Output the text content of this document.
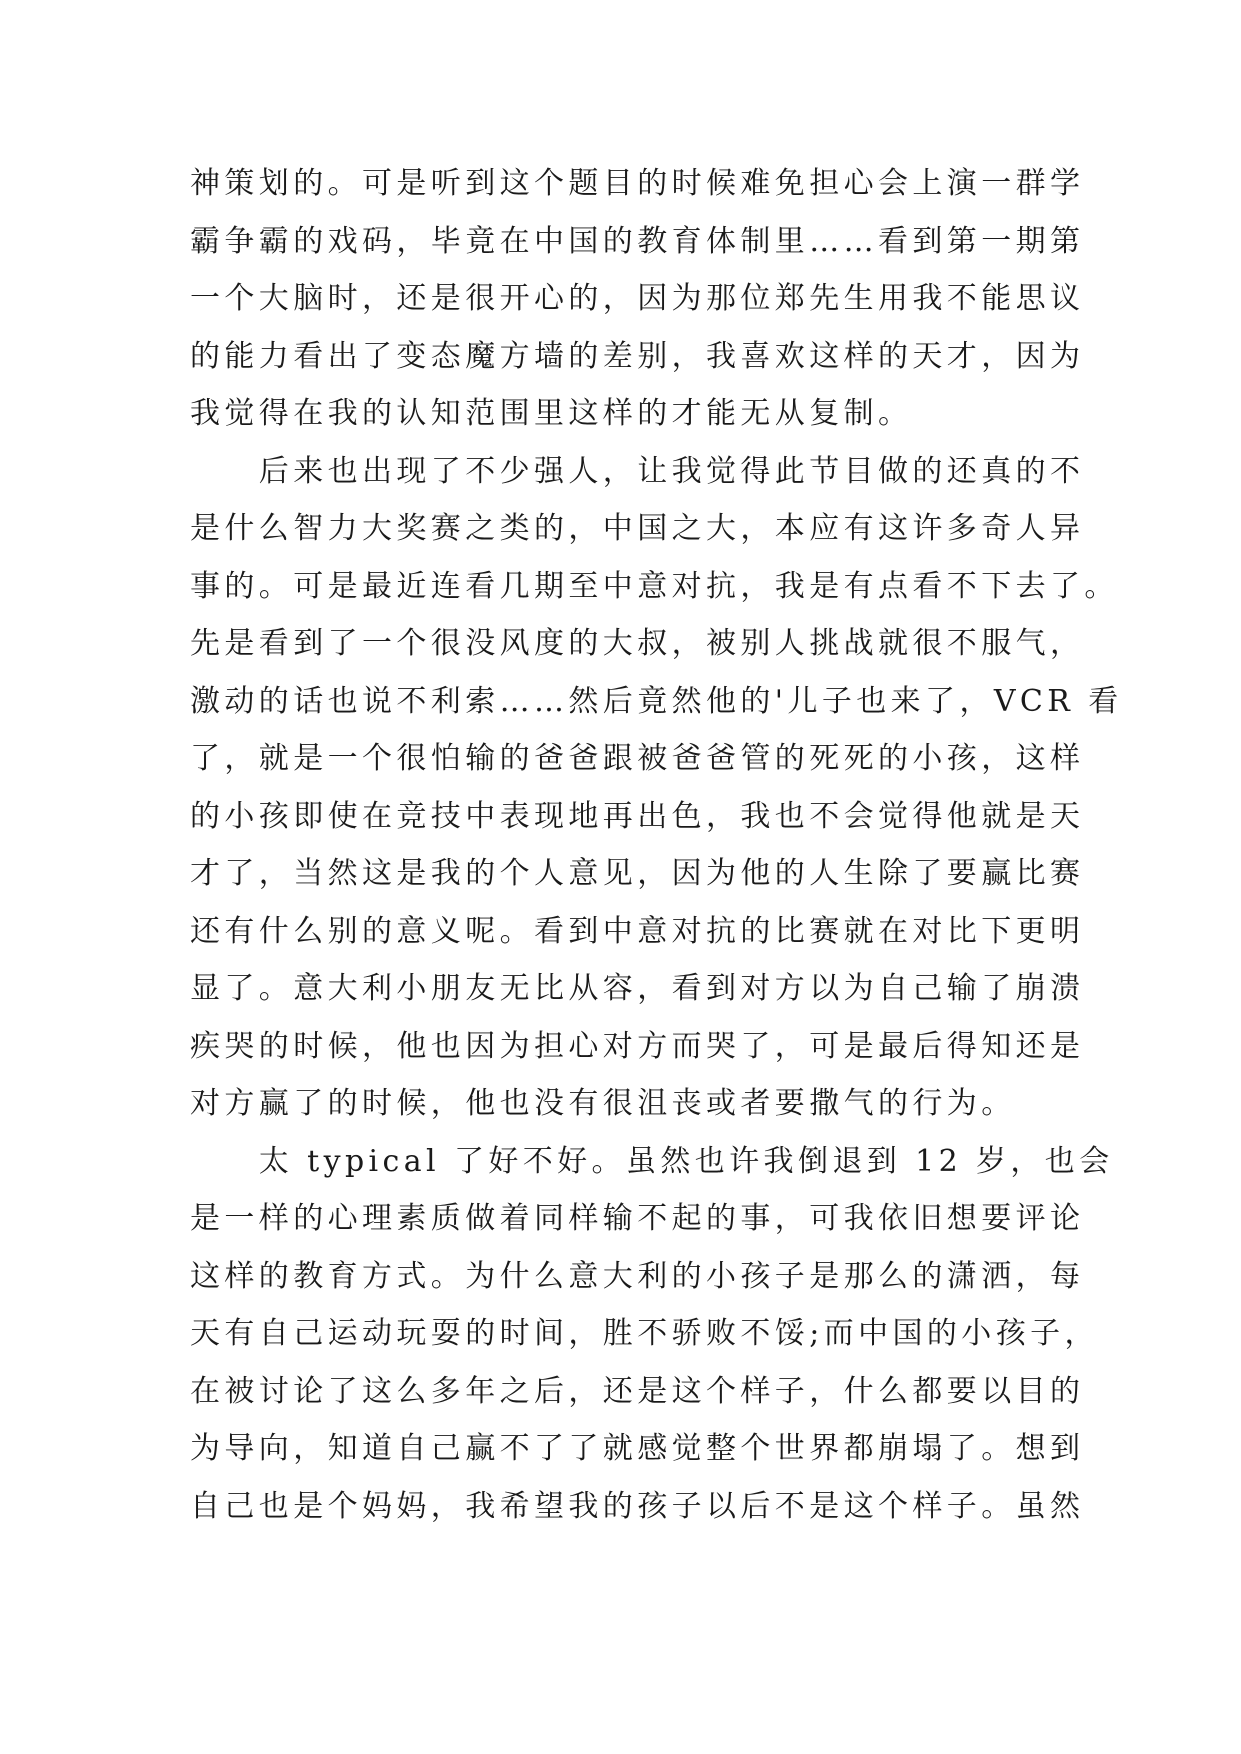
神策划的。可是听到这个题目的时候难免担心会上演一群学
霸争霸的戏码，毕竟在中国的教育体制里……看到第一期第
一个大脑时，还是很开心的，因为那位郑先生用我不能思议
的能力看出了变态魔方墙的差别，我喜欢这样的天才，因为
我觉得在我的认知范围里这样的才能无从复制。
　　后来也出现了不少强人，让我觉得此节目做的还真的不
是什么智力大奖赛之类的，中国之大，本应有这许多奇人异
事的。可是最近连看几期至中意对抗，我是有点看不下去了。
先是看到了一个很没风度的大叔，被别人挑战就很不服气，
激动的话也说不利索……然后竟然他的'儿子也来了，VCR 看
了，就是一个很怕输的爸爸跟被爸爸管的死死的小孩，这样
的小孩即使在竞技中表现地再出色，我也不会觉得他就是天
才了，当然这是我的个人意见，因为他的人生除了要赢比赛
还有什么别的意义呢。看到中意对抗的比赛就在对比下更明
显了。意大利小朋友无比从容，看到对方以为自己输了崩溃
疾哭的时候，他也因为担心对方而哭了，可是最后得知还是
对方赢了的时候，他也没有很沮丧或者要撒气的行为。
　　太 typical 了好不好。虽然也许我倒退到 12 岁，也会
是一样的心理素质做着同样输不起的事，可我依旧想要评论
这样的教育方式。为什么意大利的小孩子是那么的潇洒，每
天有自己运动玩耍的时间，胜不骄败不馁;而中国的小孩子，
在被讨论了这么多年之后，还是这个样子，什么都要以目的
为导向，知道自己赢不了了就感觉整个世界都崩塌了。想到
自己也是个妈妈，我希望我的孩子以后不是这个样子。虽然
